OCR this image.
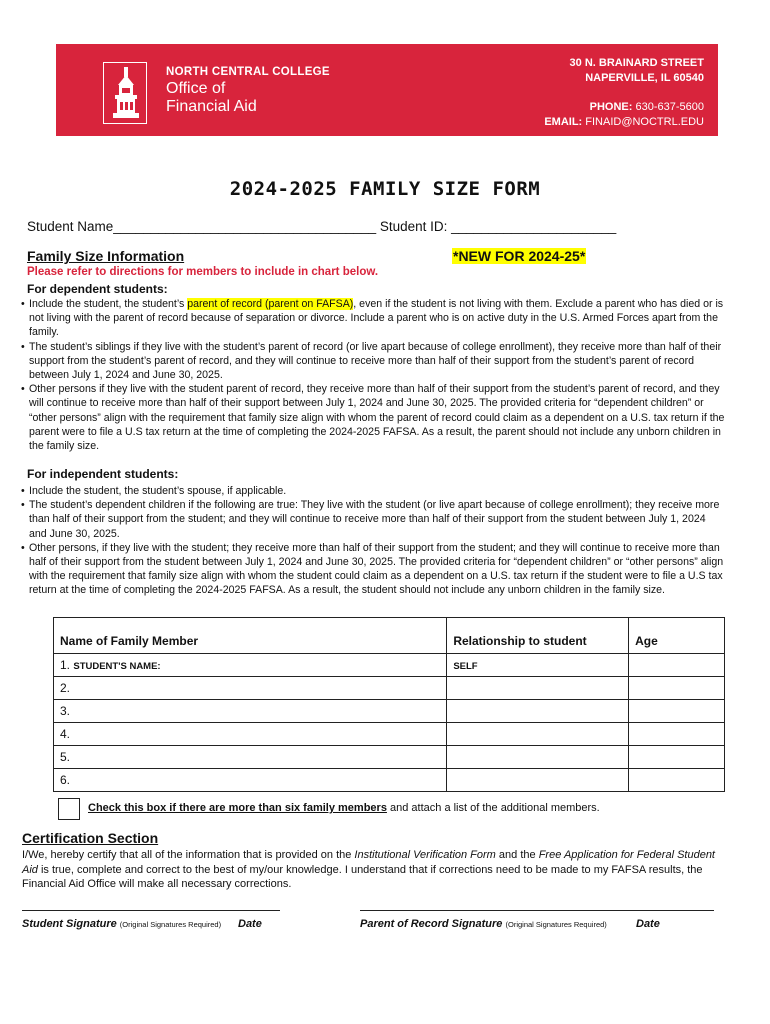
NORTH CENTRAL COLLEGE
Office of
Financial Aid
30 N. BRAINARD STREET
NAPERVILLE, IL 60540
PHONE: 630-637-5600
EMAIL: FINAID@NOCTRL.EDU
2024-2025 FAMILY SIZE FORM
Student Name___________________________________ Student ID: ______________________
Family Size Information	*NEW FOR 2024-25*
Please refer to directions for members to include in chart below.
For dependent students:
• Include the student, the student’s parent of record (parent on FAFSA), even if the student is not living with them. Exclude a parent who has died or is not living with the parent of record because of separation or divorce. Include a parent who is on active duty in the U.S. Armed Forces apart from the family.
• The student’s siblings if they live with the student’s parent of record (or live apart because of college enrollment), they receive more than half of their support from the student’s parent of record, and they will continue to receive more than half of their support from the student’s parent of record between July 1, 2024 and June 30, 2025.
• Other persons if they live with the student parent of record, they receive more than half of their support from the student’s parent of record, and they will continue to receive more than half of their support between July 1, 2024 and June 30, 2025. The provided criteria for “dependent children” or “other persons” align with the requirement that family size align with whom the parent of record could claim as a dependent on a U.S. tax return if the parent were to file a U.S tax return at the time of completing the 2024-2025 FAFSA. As a result, the parent should not include any unborn children in the family size.
For independent students:
• Include the student, the student’s spouse, if applicable.
• The student’s dependent children if the following are true: They live with the student (or live apart because of college enrollment); they receive more than half of their support from the student; and they will continue to receive more than half of their support from the student between July 1, 2024 and June 30, 2025.
• Other persons, if they live with the student; they receive more than half of their support from the student; and they will continue to receive more than half of their support from the student between July 1, 2024 and June 30, 2025. The provided criteria for “dependent children” or “other persons” align with the requirement that family size align with whom the student could claim as a dependent on a U.S. tax return if the student were to file a U.S tax return at the time of completing the 2024-2025 FAFSA. As a result, the student should not include any unborn children in the family size.
Name of Family Member	Relationship to student	Age
1. STUDENT'S NAME:	SELF	
2.		
3.		
4.		
5.		
6.		
Check this box if there are more than six family members and attach a list of the additional members.
Certification Section

I/We, hereby certify that all of the information that is provided on the Institutional Verification Form and the Free Application for Federal Student Aid is true, complete and correct to the best of my/our knowledge. I understand that if corrections need to be made to my FAFSA results, the Financial Aid Office will make all necessary corrections.

Student Signature (Original Signatures Required) Date	Parent of Record Signature (Original Signatures Required)	Date
